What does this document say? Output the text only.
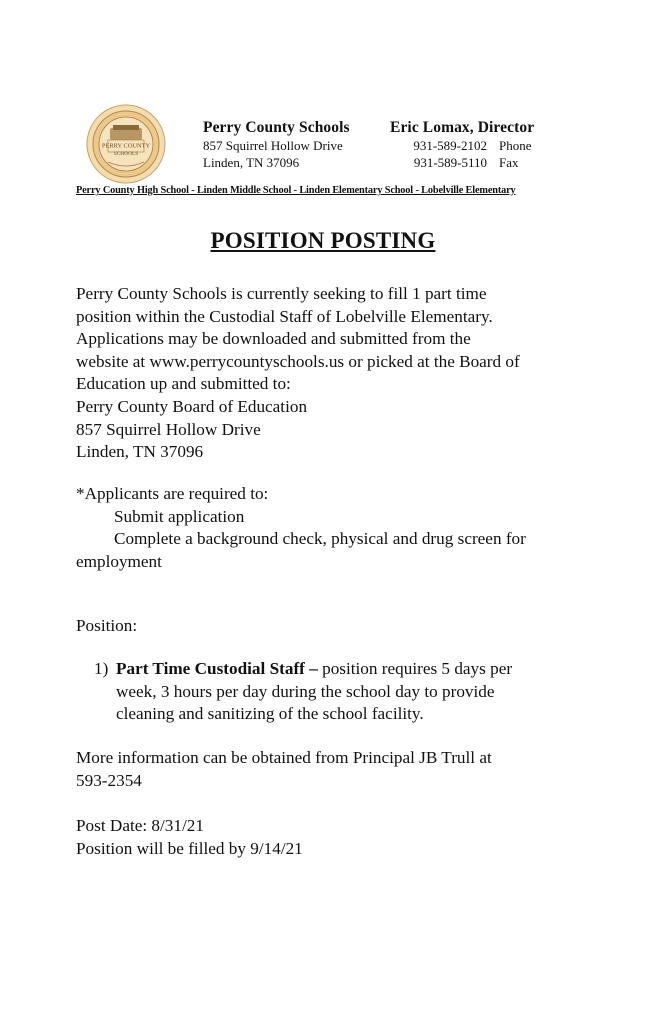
PERRY COUNTY
SCHOOLS
Perry County Schools
857 Squirrel Hollow Drive
Linden, TN 37096
Eric Lomax, Director
931-589-2102 Phone
931-589-5110 Fax
Perry County High School - Linden Middle School - Linden Elementary School - Lobelville Elementary
POSITION POSTING
Perry County Schools is currently seeking to fill 1 part time
position within the Custodial Staff of Lobelville Elementary.
Applications may be downloaded and submitted from the
website at www.perrycountyschools.us or picked at the Board of
Education up and submitted to:
Perry County Board of Education
857 Squirrel Hollow Drive
Linden, TN 37096
*Applicants are required to:
Submit application
Complete a background check, physical and drug screen for
employment
Position:
1) Part Time Custodial Staff – position requires 5 days per
week, 3 hours per day during the school day to provide
cleaning and sanitizing of the school facility.
More information can be obtained from Principal JB Trull at
593-2354
Post Date: 8/31/21
Position will be filled by 9/14/21
